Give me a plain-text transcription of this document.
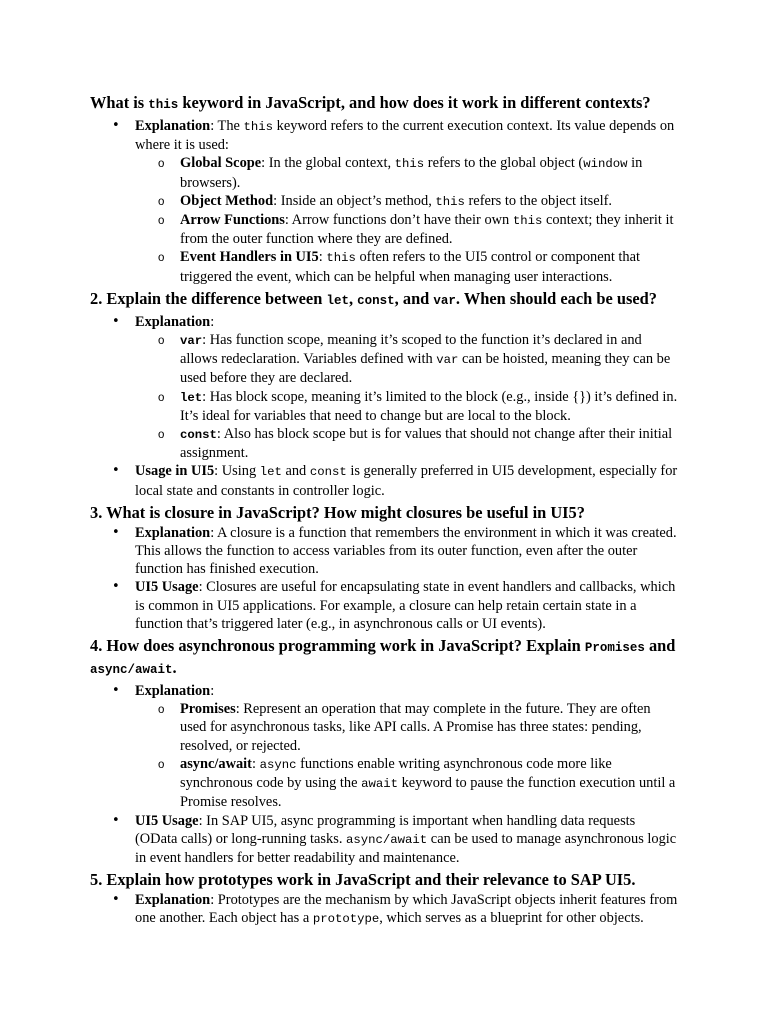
What is this keyword in JavaScript, and how does it work in different contexts?
• Explanation: The this keyword refers to the current execution context. Its value depends on where it is used:
o Global Scope: In the global context, this refers to the global object (window in browsers).
o Object Method: Inside an object’s method, this refers to the object itself.
o Arrow Functions: Arrow functions don’t have their own this context; they inherit it from the outer function where they are defined.
o Event Handlers in UI5: this often refers to the UI5 control or component that triggered the event, which can be helpful when managing user interactions.
2. Explain the difference between let, const, and var. When should each be used?
• Explanation:
o var: Has function scope, meaning it’s scoped to the function it’s declared in and allows redeclaration. Variables defined with var can be hoisted, meaning they can be used before they are declared.
o let: Has block scope, meaning it’s limited to the block (e.g., inside {}) it’s defined in. It’s ideal for variables that need to change but are local to the block.
o const: Also has block scope but is for values that should not change after their initial assignment.
• Usage in UI5: Using let and const is generally preferred in UI5 development, especially for local state and constants in controller logic.
3. What is closure in JavaScript? How might closures be useful in UI5?
• Explanation: A closure is a function that remembers the environment in which it was created. This allows the function to access variables from its outer function, even after the outer function has finished execution.
• UI5 Usage: Closures are useful for encapsulating state in event handlers and callbacks, which is common in UI5 applications. For example, a closure can help retain certain state in a function that’s triggered later (e.g., in asynchronous calls or UI events).
4. How does asynchronous programming work in JavaScript? Explain Promises and async/await.
• Explanation:
o Promises: Represent an operation that may complete in the future. They are often used for asynchronous tasks, like API calls. A Promise has three states: pending, resolved, or rejected.
o async/await: async functions enable writing asynchronous code more like synchronous code by using the await keyword to pause the function execution until a Promise resolves.
• UI5 Usage: In SAP UI5, async programming is important when handling data requests (OData calls) or long-running tasks. async/await can be used to manage asynchronous logic in event handlers for better readability and maintenance.
5. Explain how prototypes work in JavaScript and their relevance to SAP UI5.
• Explanation: Prototypes are the mechanism by which JavaScript objects inherit features from one another. Each object has a prototype, which serves as a blueprint for other objects.
